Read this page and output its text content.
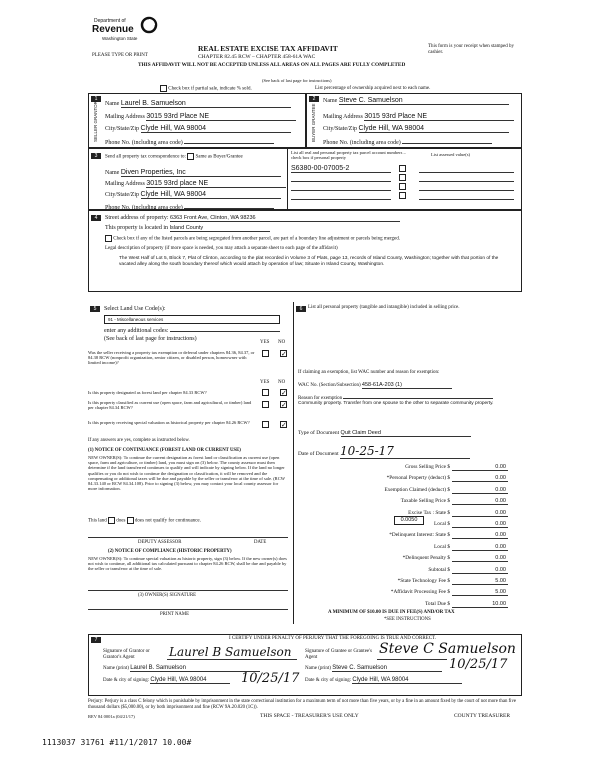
Department of
Revenue
Washington State
PLEASE TYPE OR PRINT
REAL ESTATE EXCISE TAX AFFIDAVIT
CHAPTER 82.45 RCW – CHAPTER 458-61A WAC
THIS AFFIDAVIT WILL NOT BE ACCEPTED UNLESS ALL AREAS ON ALL PAGES ARE FULLY COMPLETED
This form is your receipt when stamped by cashier.
(See back of last page for instructions)
Check box if partial sale, indicate % sold.	List percentage of ownership acquired next to each name.
1
SELLER GRANTOR Name Laurel B. Samuelson
Mailing Address 3015 93rd Place NE
City/State/Zip Clyde Hill, WA 98004
Phone No. (including area code)
2
BUYER GRANTEE
Name Steve C. Samuelson
Mailing Address 3015 93rd Place NE
City/State/Zip Clyde Hill, WA 98004
Phone No. (including area code)
3	Send all property tax correspondence to: Same as Buyer/Grantee
Name Diven Properties, Inc
Mailing Address 3015 93rd place NE
City/State/Zip Clyde Hill, WA 98004
Phone No. (including area code)
List all real and personal property tax parcel account numbers – check box if personal property
List assessed value(s)
S6380-00-07005-2
4	Street address of property: 6363 Front Ave, Clinton, WA 98236
This property is located in Island County
Check box if any of the listed parcels are being segregated from another parcel, are part of a boundary line adjustment or parcels being merged.
Legal description of property (if more space is needed, you may attach a separate sheet to each page of the affidavit)
The West Half of Lot 5, Block 7, Plat of Clinton, according to the plat recorded in Volume 3 of Plats, page 13, records of Island County, Washington; together with that portion of the vacated alley along the south boundary thereof which would attach by operation of law; Situate in Island County, Washington.
5	Select Land Use Code(s):
91 - Miscellaneous services
enter any additional codes:
(See back of last page for instructions)
YES NO
Was the seller receiving a property tax exemption or deferral under chapters 84.36, 84.37, or 84.38 RCW (nonprofit organization, senior citizen, or disabled person, homeowner with limited income)?
✓
YES NO
Is this property designated as forest land per chapter 84.33 RCW?	✓
Is this property classified as current use (open space, farm and agricultural, or timber) land per chapter 84.34 RCW?	✓
Is this property receiving special valuation as historical property per chapter 84.26 RCW?	✓
If any answers are yes, complete as instructed below.
(1) NOTICE OF CONTINUANCE (FOREST LAND OR CURRENT USE)
NEW OWNER(S): To continue the current designation as forest land or classification as current use (open space, farm and agriculture, or timber) land, you must sign on (3) below. The county assessor must then determine if the land transferred continues to qualify and will indicate by signing below. If the land no longer qualifies or you do not wish to continue the designation or classification, it will be removed and the compensating or additional taxes will be due and payable by the seller or transferor at the time of sale. (RCW 84.33.140 or RCW 84.34.108). Prior to signing (3) below, you may contact your local county assessor for more information.
This land does does not qualify for continuance.
DEPUTY ASSESSOR	DATE
(2) NOTICE OF COMPLIANCE (HISTORIC PROPERTY)
NEW OWNER(S): To continue special valuation as historic property, sign (3) below. If the new owner(s) does not wish to continue, all additional tax calculated pursuant to chapter 84.26 RCW, shall be due and payable by the seller or transferor at the time of sale.
(3) OWNER(S) SIGNATURE
PRINT NAME
6	List all personal property (tangible and intangible) included in selling price.
If claiming an exemption, list WAC number and reason for exemption:
WAC No. (Section/Subsection) 458-61A-203 (1)
Reason for exemption
Community property. Transfer from one spouse to the other to separate community property.
Type of Document Quit Claim Deed
Date of Document 10-25-17
Gross Selling Price $	0.00
*Personal Property (deduct) $	0.00
Exemption Claimed (deduct) $	0.00
Taxable Selling Price $	0.00
Excise Tax : State $	0.00
Local $	0.00
*Delinquent Interest: State $	0.00
Local $	0.00
*Delinquent Penalty $	0.00
Subtotal $	0.00
*State Technology Fee $	5.00
*Affidavit Processing Fee $	5.00
Total Due $	10.00
0.0050
A MINIMUM OF $10.00 IS DUE IN FEE(S) AND/OR TAX
*SEE INSTRUCTIONS
7	I CERTIFY UNDER PENALTY OF PERJURY THAT THE FOREGOING IS TRUE AND CORRECT.
Signature of Grantor or Grantor's Agent	Laurel B Samuelson	Signature of Grantee or Grantee's Agent
Steve C Samuelson
10/25/17
Name (print) Laurel B. Samuelson	Name (print) Steve C. Samuelson
Date & city of signing: Clyde Hill, WA 98004	10/25/17 Date & city of signing: Clyde Hill, WA 98004
Perjury: Perjury is a class C felony which is punishable by imprisonment in the state correctional institution for a maximum term of not more than five years, or by a fine in an amount fixed by the court of not more than five thousand dollars ($5,000.00), or by both imprisonment and fine (RCW 9A.20.020 (1C)).
REV 84 0001a (04/21/17)	THIS SPACE - TREASURER'S USE ONLY	COUNTY TREASURER
1113037 31761 #11/1/2017 10.00#
